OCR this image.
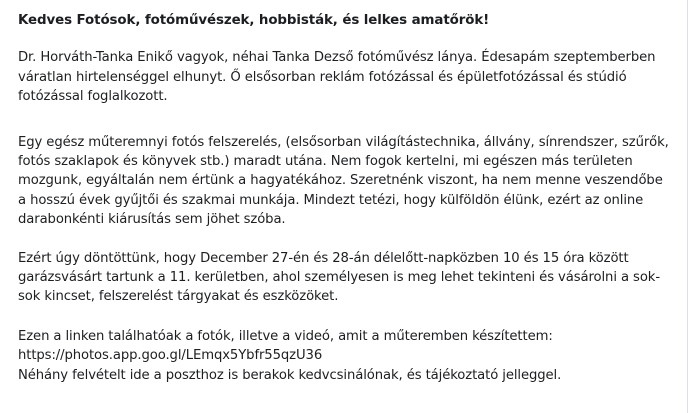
Kedves Fotósok, fotóművészek, hobbisták, és lelkes amatőrök!

Dr. Horváth-Tanka Enikő vagyok, néhai Tanka Dezső fotóművész lánya. Édesapám szeptemberben
váratlan hirtelenséggel elhunyt. Ő elsősorban reklám fotózással és épületfotózással és stúdió
fotózással foglalkozott.

Egy egész műteremnyi fotós felszerelés, (elsősorban világítástechnika, állvány, sínrendszer, szűrők,
fotós szaklapok és könyvek stb.) maradt utána. Nem fogok kertelni, mi egészen más területen
mozgunk, egyáltalán nem értünk a hagyatékához. Szeretnénk viszont, ha nem menne veszendőbe
a hosszú évek gyűjtői és szakmai munkája. Mindezt tetézi, hogy külföldön élünk, ezért az online
darabonkénti kiárusítás sem jöhet szóba.

Ezért úgy döntöttünk, hogy December 27-én és 28-án délelőtt-napközben 10 és 15 óra között
garázsvásárt tartunk a 11. kerületben, ahol személyesen is meg lehet tekinteni és vásárolni a sok-
sok kincset, felszerelést tárgyakat és eszközöket.

Ezen a linken találhatóak a fotók, illetve a videó, amit a műteremben készítettem:
https://photos.app.goo.gl/LEmqx5Ybfr55qzU36
Néhány felvételt ide a poszthoz is berakok kedvcsinálónak, és tájékoztató jelleggel.
